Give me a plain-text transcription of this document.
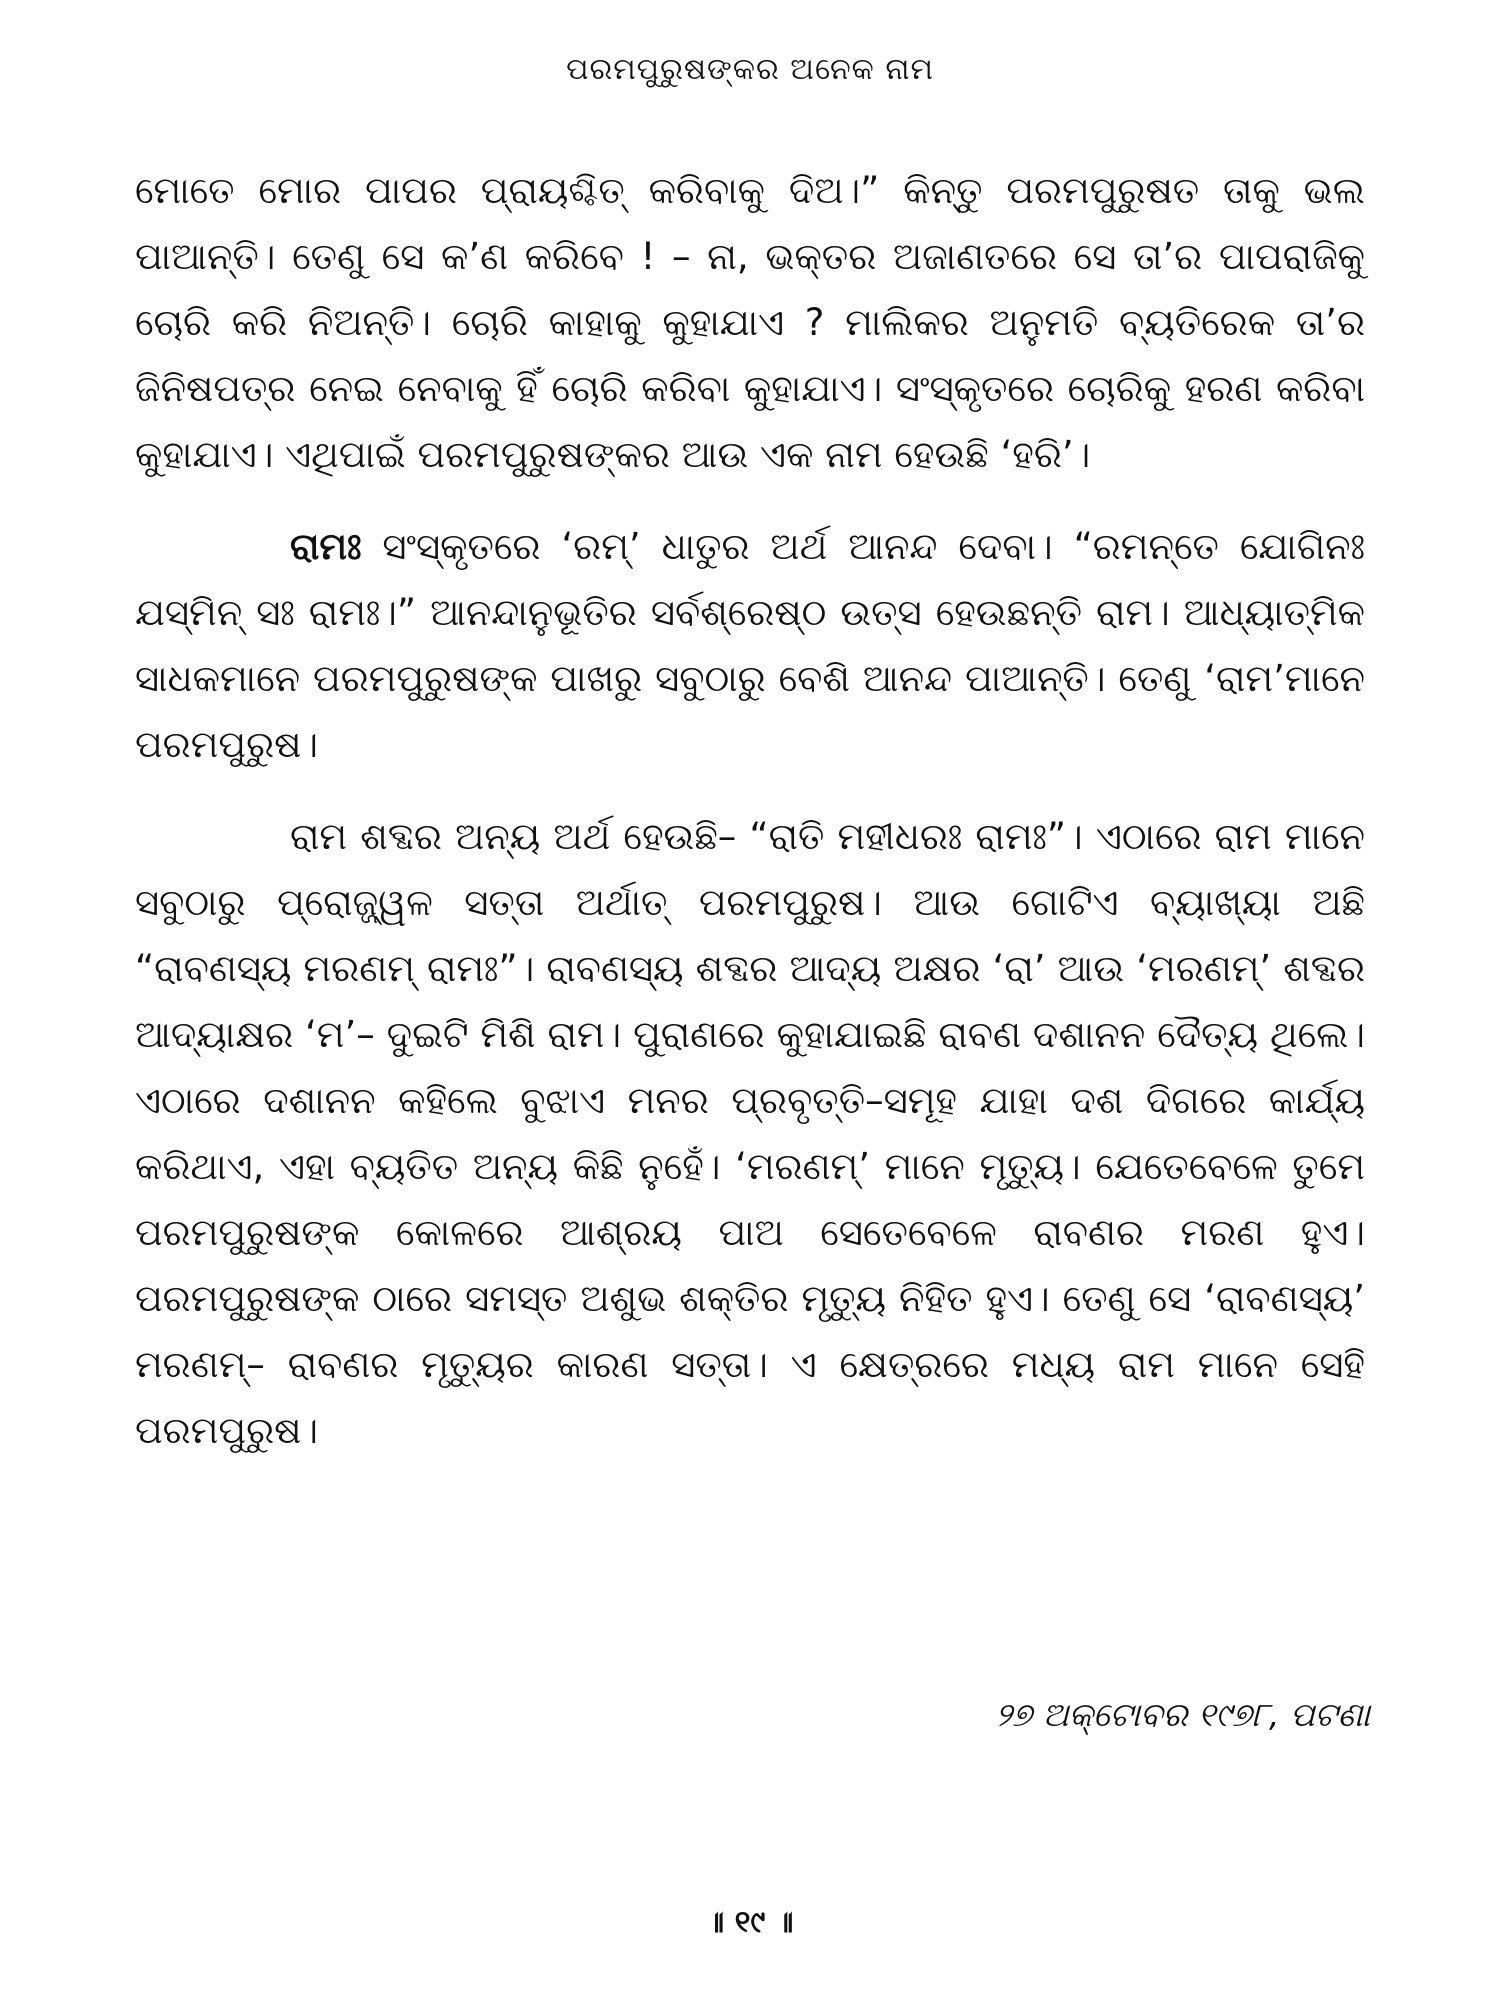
ପରମପୁରୁଷଙ୍କର ଅନେକ ନାମ

ମୋତେ ମୋର ପାପର ପ୍ରାୟଶ୍ଚିତ୍ କରିବାକୁ ଦିଅ।” କିନ୍ତୁ ପରମପୁରୁଷତ ତାକୁ ଭଲ ପାଆନ୍ତି। ତେଣୁ ସେ କ’ଣ କରିବେ ! – ନା, ଭକ୍ତର ଅଜାଣତରେ ସେ ତା’ର ପାପରାଜିକୁ ଚୋରି କରି ନିଅନ୍ତି। ଚୋରି କାହାକୁ କୁହାଯାଏ ? ମାଲିକର ଅନୁମତି ବ୍ୟତିରେକ ତା’ର ଜିନିଷପତ୍ର ନେଇ ନେବାକୁ ହିଁ ଚୋରି କରିବା କୁହାଯାଏ। ସଂସ୍କୃତରେ ଚୋରିକୁ ହରଣ କରିବା କୁହାଯାଏ। ଏଥିପାଇଁ ପରମପୁରୁଷଙ୍କର ଆଉ ଏକ ନାମ ହେଉଛି ‘ହରି’।

ରାମଃ ସଂସ୍କୃତରେ ‘ରମ୍’ ଧାତୁର ଅର୍ଥ ଆନନ୍ଦ ଦେବା। “ରମନ୍ତେ ଯୋଗିନଃ ଯସ୍ମିନ୍ ସଃ ରାମଃ।” ଆନନ୍ଦାନୁଭୂତିର ସର୍ବଶ୍ରେଷ୍ଠ ଉତ୍ସ ହେଉଛନ୍ତି ରାମ। ଆଧ୍ୟାତ୍ମିକ ସାଧକମାନେ ପରମପୁରୁଷଙ୍କ ପାଖରୁ ସବୁଠାରୁ ବେଶି ଆନନ୍ଦ ପାଆନ୍ତି। ତେଣୁ ‘ରାମ’ମାନେ ପରମପୁରୁଷ।

ରାମ ଶବ୍ଦର ଅନ୍ୟ ଅର୍ଥ ହେଉଛି– “ରାତି ମହୀଧରଃ ରାମଃ”। ଏଠାରେ ରାମ ମାନେ ସବୁଠାରୁ ପ୍ରୋଜ୍ଜ୍ୱଳ ସତ୍ତା ଅର୍ଥାତ୍ ପରମପୁରୁଷ। ଆଉ ଗୋଟିଏ ବ୍ୟାଖ୍ୟା ଅଛି “ରାବଣସ୍ୟ ମରଣମ୍ ରାମଃ”। ରାବଣସ୍ୟ ଶବ୍ଦର ଆଦ୍ୟ ଅକ୍ଷର ‘ରା’ ଆଉ ‘ମରଣମ୍’ ଶବ୍ଦର ଆଦ୍ୟାକ୍ଷର ‘ମ’– ଦୁଇଟି ମିଶି ରାମ। ପୁରାଣରେ କୁହାଯାଇଛି ରାବଣ ଦଶାନନ ଦୈତ୍ୟ ଥିଲେ। ଏଠାରେ ଦଶାନନ କହିଲେ ବୁଝାଏ ମନର ପ୍ରବୃତ୍ତି–ସମୂହ ଯାହା ଦଶ ଦିଗରେ କାର୍ଯ୍ୟ କରିଥାଏ, ଏହା ବ୍ୟତିତ ଅନ୍ୟ କିଛି ନୁହେଁ। ‘ମରଣମ୍’ ମାନେ ମୃତ୍ୟୁ। ଯେତେବେଳେ ତୁମେ ପରମପୁରୁଷଙ୍କ କୋଳରେ ଆଶ୍ରୟ ପାଅ ସେତେବେଳେ ରାବଣର ମରଣ ହୁଏ। ପରମପୁରୁଷଙ୍କ ଠାରେ ସମସ୍ତ ଅଶୁଭ ଶକ୍ତିର ମୃତ୍ୟୁ ନିହିତ ହୁଏ। ତେଣୁ ସେ ‘ରାବଣସ୍ୟ’ ମରଣମ୍– ରାବଣର ମୃତ୍ୟୁର କାରଣ ସତ୍ତା। ଏ କ୍ଷେତ୍ରରେ ମଧ୍ୟ ରାମ ମାନେ ସେହି ପରମପୁରୁଷ।

୨୭ ଅକ୍ଟୋବର ୧୯୭୮, ପଟଣା
॥ ୧୯ ॥
